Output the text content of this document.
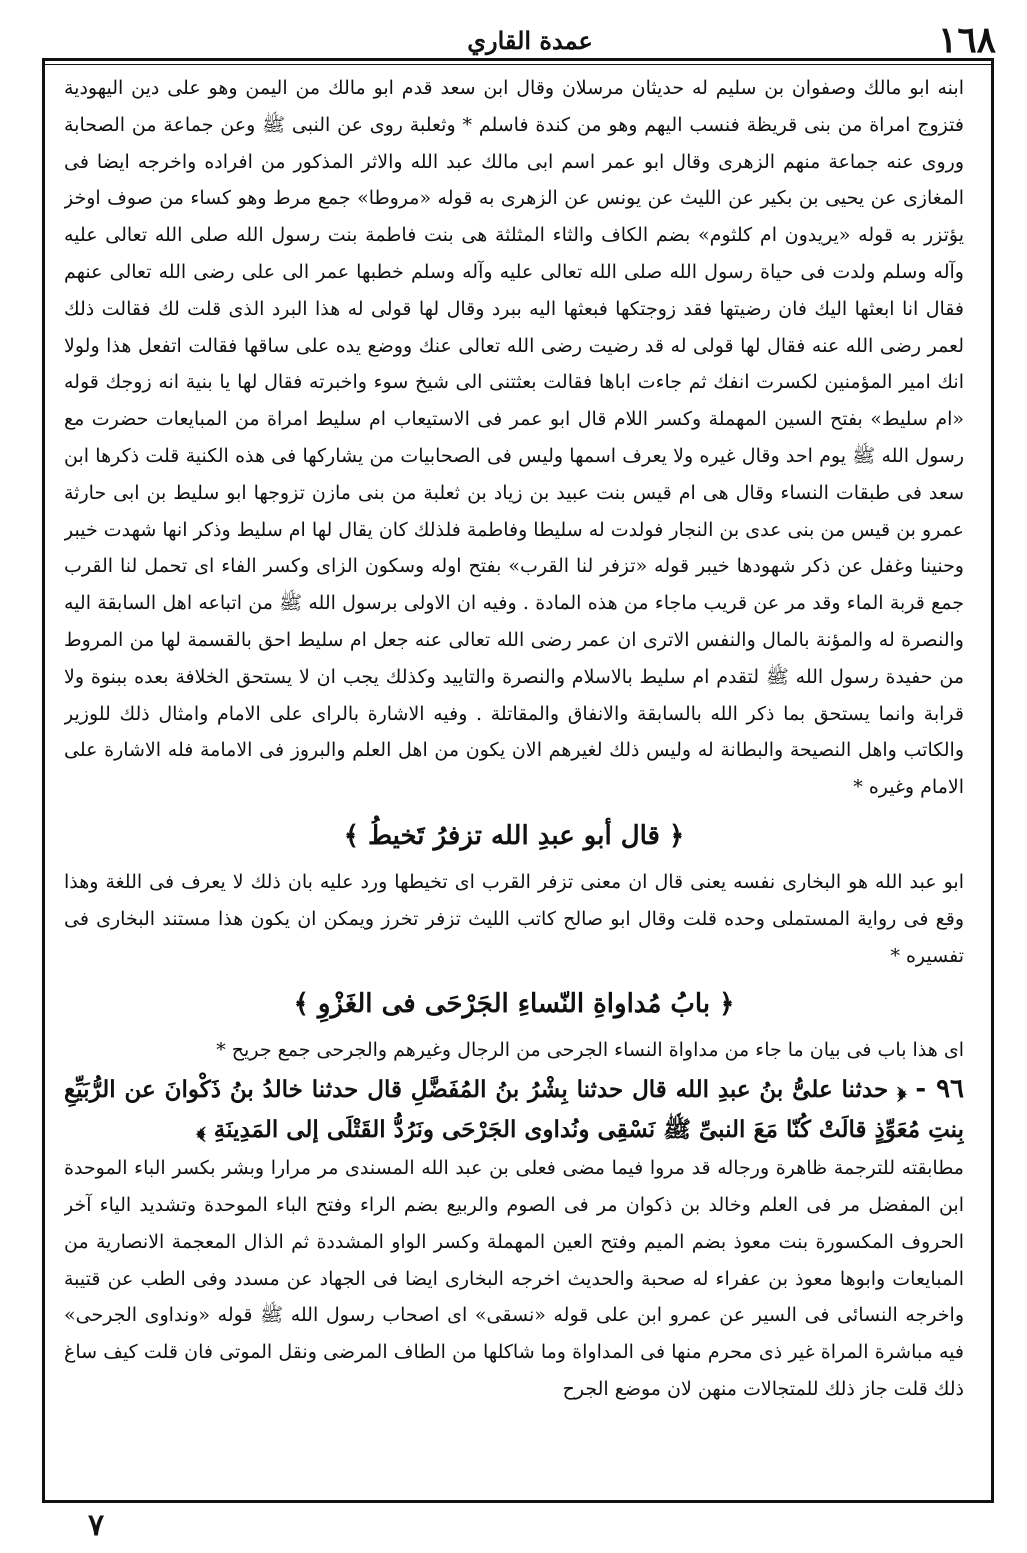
١٦٨
عمدة القاري

ابنه ابو مالك وصفوان بن سليم له حديثان مرسلان وقال ابن سعد قدم ابو مالك من اليمن وهو على دين اليهودية فتزوج امراة من بنى قريظة فنسب اليهم وهو من كندة فاسلم * وثعلبة روى عن النبى ﷺ وعن جماعة من الصحابة وروى عنه جماعة منهم الزهرى وقال ابو عمر اسم ابى مالك عبد الله والاثر المذكور من افراده واخرجه ايضا فى المغازى عن يحيى بن بكير عن الليث عن يونس عن الزهرى به قوله «مروطا» جمع مرط وهو كساء من صوف اوخز يؤتزر به قوله «يريدون ام كلثوم» بضم الكاف والثاء المثلثة هى بنت فاطمة بنت رسول الله صلى الله تعالى عليه وآله وسلم ولدت فى حياة رسول الله صلى الله تعالى عليه وآله وسلم خطبها عمر الى على رضى الله تعالى عنهم فقال انا ابعثها اليك فان رضيتها فقد زوجتكها فبعثها اليه ببرد وقال لها قولى له هذا البرد الذى قلت لك فقالت ذلك لعمر رضى الله عنه فقال لها قولى له قد رضيت رضى الله تعالى عنك ووضع يده على ساقها فقالت اتفعل هذا ولولا انك امير المؤمنين لكسرت انفك ثم جاءت اباها فقالت بعثتنى الى شيخ سوء واخبرته فقال لها يا بنية انه زوجك قوله «ام سليط» بفتح السين المهملة وكسر اللام قال ابو عمر فى الاستيعاب ام سليط امراة من المبايعات حضرت مع رسول الله ﷺ يوم احد وقال غيره ولا يعرف اسمها وليس فى الصحابيات من يشاركها فى هذه الكنية قلت ذكرها ابن سعد فى طبقات النساء وقال هى ام قيس بنت عبيد بن زياد بن ثعلبة من بنى مازن تزوجها ابو سليط بن ابى حارثة عمرو بن قيس من بنى عدى بن النجار فولدت له سليطا وفاطمة فلذلك كان يقال لها ام سليط وذكر انها شهدت خيبر وحنينا وغفل عن ذكر شهودها خيبر قوله «تزفر لنا القرب» بفتح اوله وسكون الزاى وكسر الفاء اى تحمل لنا القرب جمع قربة الماء وقد مر عن قريب ماجاء من هذه المادة . وفيه ان الاولى برسول الله ﷺ من اتباعه اهل السابقة اليه والنصرة له والمؤنة بالمال والنفس الاترى ان عمر رضى الله تعالى عنه جعل ام سليط احق بالقسمة لها من المروط من حفيدة رسول الله ﷺ لتقدم ام سليط بالاسلام والنصرة والتاييد وكذلك يجب ان لا يستحق الخلافة بعده ببنوة ولا قرابة وانما يستحق بما ذكر الله بالسابقة والانفاق والمقاتلة . وفيه الاشارة بالراى على الامام وامثال ذلك للوزير والكاتب واهل النصيحة والبطانة له وليس ذلك لغيرهم الان يكون من اهل العلم والبروز فى الامامة فله الاشارة على الامام وغيره *

﴿ قال أبو عبدِ الله تزفرُ تَخيطُ ﴾

ابو عبد الله هو البخارى نفسه يعنى قال ان معنى تزفر القرب اى تخيطها ورد عليه بان ذلك لا يعرف فى اللغة وهذا وقع فى رواية المستملى وحده قلت وقال ابو صالح كاتب الليث تزفر تخرز ويمكن ان يكون هذا مستند البخارى فى تفسيره *

﴿ بابُ مُداواةِ النّساءِ الجَرْحَى فى الغَزْوِ ﴾

اى هذا باب فى بيان ما جاء من مداواة النساء الجرحى من الرجال وغيرهم والجرحى جمع جريح *

٩٦ - ﴿ حدثنا علىُّ بنُ عبدِ الله قال حدثنا بِشْرُ بنُ المُفَضَّلِ قال حدثنا خالدُ بنُ ذَكْوانَ عن الرُّبَيِّعِ بِنتِ مُعَوِّذٍ قالَتْ كُنّا مَعَ النبىِّ ﷺ نَسْقِى ونُداوى الجَرْحَى ونَرُدُّ القَتْلَى إلى المَدِينَةِ ﴾

مطابقته للترجمة ظاهرة ورجاله قد مروا فيما مضى فعلى بن عبد الله المسندى مر مرارا وبشر بكسر الباء الموحدة ابن المفضل مر فى العلم وخالد بن ذكوان مر فى الصوم والربيع بضم الراء وفتح الباء الموحدة وتشديد الياء آخر الحروف المكسورة بنت معوذ بضم الميم وفتح العين المهملة وكسر الواو المشددة ثم الذال المعجمة الانصارية من المبايعات وابوها معوذ بن عفراء له صحبة والحديث اخرجه البخارى ايضا فى الجهاد عن مسدد وفى الطب عن قتيبة واخرجه النسائى فى السير عن عمرو ابن على قوله «نسقى» اى اصحاب رسول الله ﷺ قوله «ونداوى الجرحى» فيه مباشرة المراة غير ذى محرم منها فى المداواة وما شاكلها من الطاف المرضى ونقل الموتى فان قلت كيف ساغ ذلك قلت جاز ذلك للمتجالات منهن لان موضع الجرح

٧
